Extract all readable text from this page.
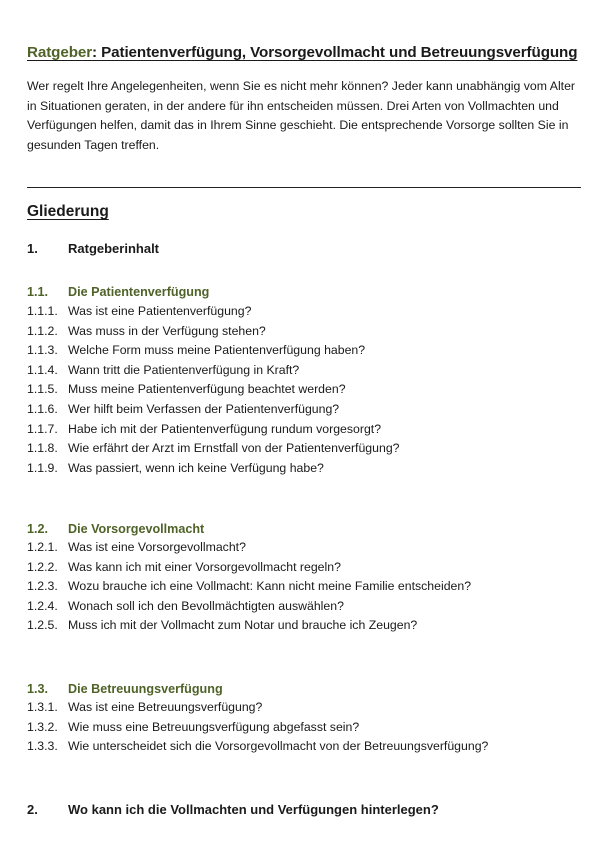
Ratgeber: Patientenverfügung, Vorsorgevollmacht und Betreuungsverfügung

Wer regelt Ihre Angelegenheiten, wenn Sie es nicht mehr können? Jeder kann unabhängig vom Alter in Situationen geraten, in der andere für ihn entscheiden müssen. Drei Arten von Vollmachten und Verfügungen helfen, damit das in Ihrem Sinne geschieht. Die entsprechende Vorsorge sollten Sie in gesunden Tagen treffen.

Gliederung
1.	Ratgeberinhalt
1.1.	Die Patientenverfügung
1.1.1. Was ist eine Patientenverfügung?
1.1.2. Was muss in der Verfügung stehen?
1.1.3. Welche Form muss meine Patientenverfügung haben?
1.1.4. Wann tritt die Patientenverfügung in Kraft?
1.1.5. Muss meine Patientenverfügung beachtet werden?
1.1.6. Wer hilft beim Verfassen der Patientenverfügung?
1.1.7. Habe ich mit der Patientenverfügung rundum vorgesorgt?
1.1.8. Wie erfährt der Arzt im Ernstfall von der Patientenverfügung?
1.1.9. Was passiert, wenn ich keine Verfügung habe?
1.2.	Die Vorsorgevollmacht
1.2.1. Was ist eine Vorsorgevollmacht?
1.2.2. Was kann ich mit einer Vorsorgevollmacht regeln?
1.2.3. Wozu brauche ich eine Vollmacht: Kann nicht meine Familie entscheiden?
1.2.4. Wonach soll ich den Bevollmächtigten auswählen?
1.2.5. Muss ich mit der Vollmacht zum Notar und brauche ich Zeugen?
1.3.	Die Betreuungsverfügung
1.3.1. Was ist eine Betreuungsverfügung?
1.3.2. Wie muss eine Betreuungsverfügung abgefasst sein?
1.3.3. Wie unterscheidet sich die Vorsorgevollmacht von der Betreuungsverfügung?
2.	Wo kann ich die Vollmachten und Verfügungen hinterlegen?
